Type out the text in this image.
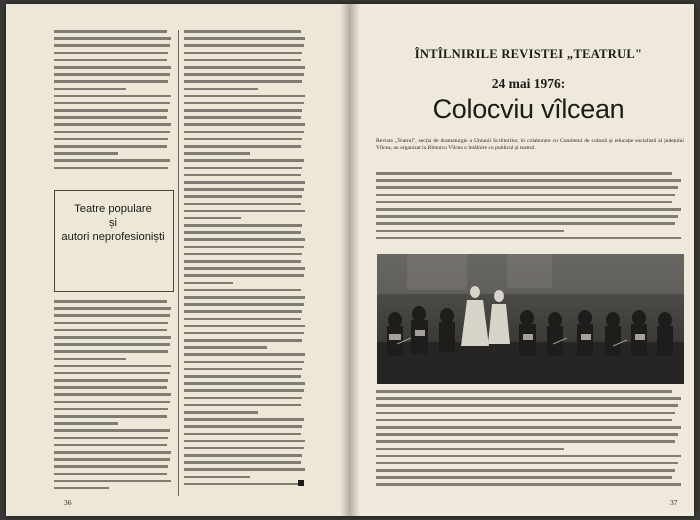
Teatre populare
și
autori neprofesioniști
36
ÎNTÎLNIRILE REVISTEI „TEATRUL"
24 mai 1976:
Colocviu vîlcean
Revista „Teatrul", secția de dramaturgie a Uniunii Scriitorilor, în colaborare cu Comitetul de cultură și educație socialistă al județului Vîlcea, au organizat la Rîmnicu Vîlcea o întâlnire cu publicul și teatrul.
37
